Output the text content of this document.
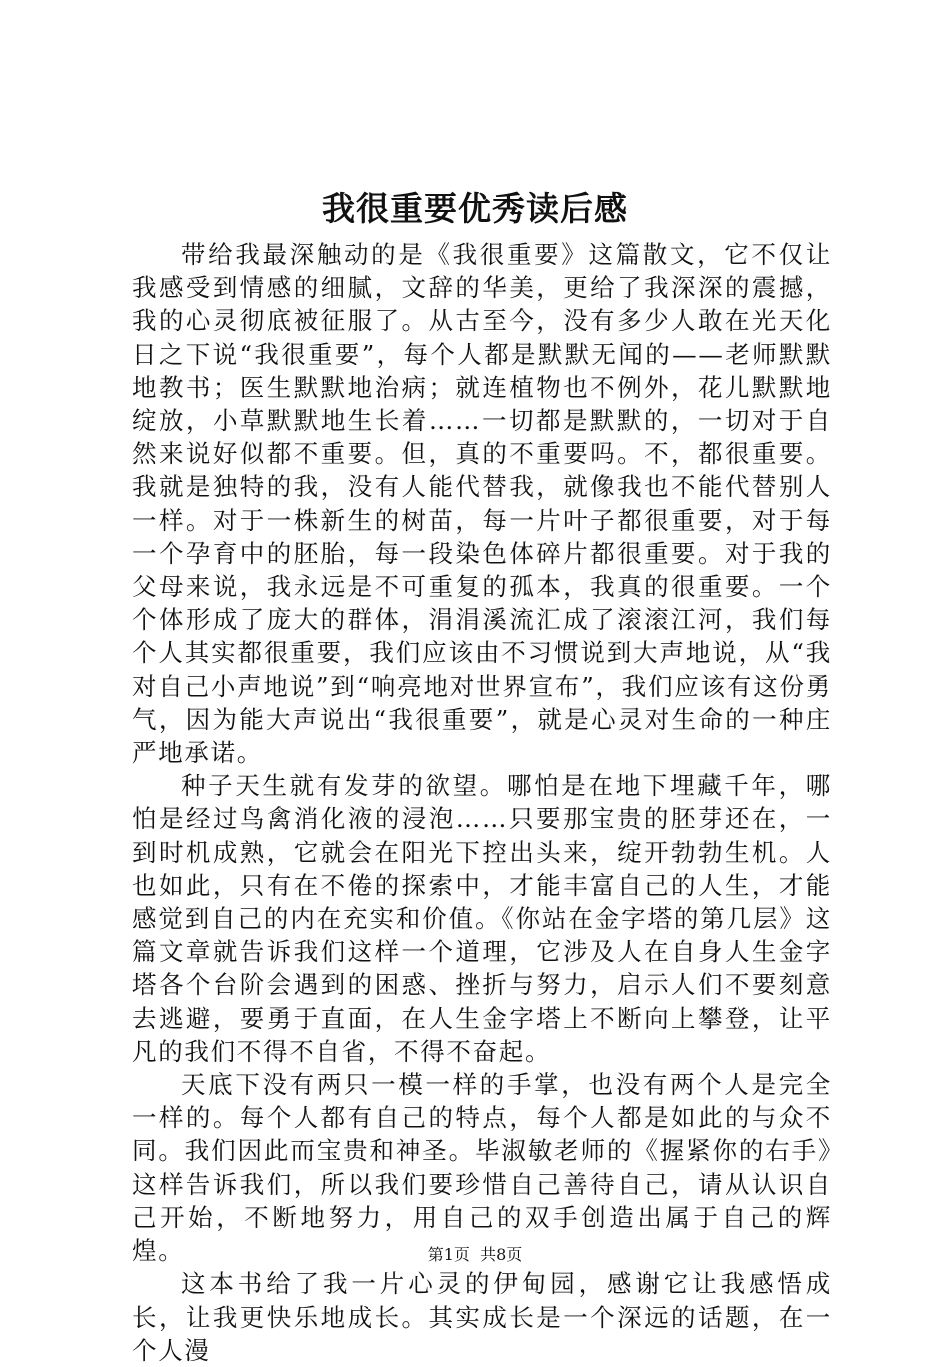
我很重要优秀读后感

带给我最深触动的是《我很重要》这篇散文，它不仅让我感受到情感的细腻，文辞的华美，更给了我深深的震撼，我的心灵彻底被征服了。从古至今，没有多少人敢在光天化日之下说“我很重要”，每个人都是默默无闻的——老师默默地教书；医生默默地治病；就连植物也不例外，花儿默默地绽放，小草默默地生长着……一切都是默默的，一切对于自然来说好似都不重要。但，真的不重要吗。不，都很重要。我就是独特的我，没有人能代替我，就像我也不能代替别人一样。对于一株新生的树苗，每一片叶子都很重要，对于每一个孕育中的胚胎，每一段染色体碎片都很重要。对于我的父母来说，我永远是不可重复的孤本，我真的很重要。一个个体形成了庞大的群体，涓涓溪流汇成了滚滚江河，我们每个人其实都很重要，我们应该由不习惯说到大声地说，从“我对自己小声地说”到“响亮地对世界宣布”，我们应该有这份勇气，因为能大声说出“我很重要”，就是心灵对生命的一种庄严地承诺。

种子天生就有发芽的欲望。哪怕是在地下埋藏千年，哪怕是经过鸟禽消化液的浸泡……只要那宝贵的胚芽还在，一到时机成熟，它就会在阳光下控出头来，绽开勃勃生机。人也如此，只有在不倦的探索中，才能丰富自己的人生，才能感觉到自己的内在充实和价值。《你站在金字塔的第几层》这篇文章就告诉我们这样一个道理，它涉及人在自身人生金字塔各个台阶会遇到的困惑、挫折与努力，启示人们不要刻意去逃避，要勇于直面，在人生金字塔上不断向上攀登，让平凡的我们不得不自省，不得不奋起。

天底下没有两只一模一样的手掌，也没有两个人是完全一样的。每个人都有自己的特点，每个人都是如此的与众不同。我们因此而宝贵和神圣。毕淑敏老师的《握紧你的右手》这样告诉我们，所以我们要珍惜自己善待自己，请从认识自己开始，不断地努力，用自己的双手创造出属于自己的辉煌。

这本书给了我一片心灵的伊甸园，感谢它让我感悟成长，让我更快乐地成长。其实成长是一个深远的话题，在一个人漫

第1页 共8页
